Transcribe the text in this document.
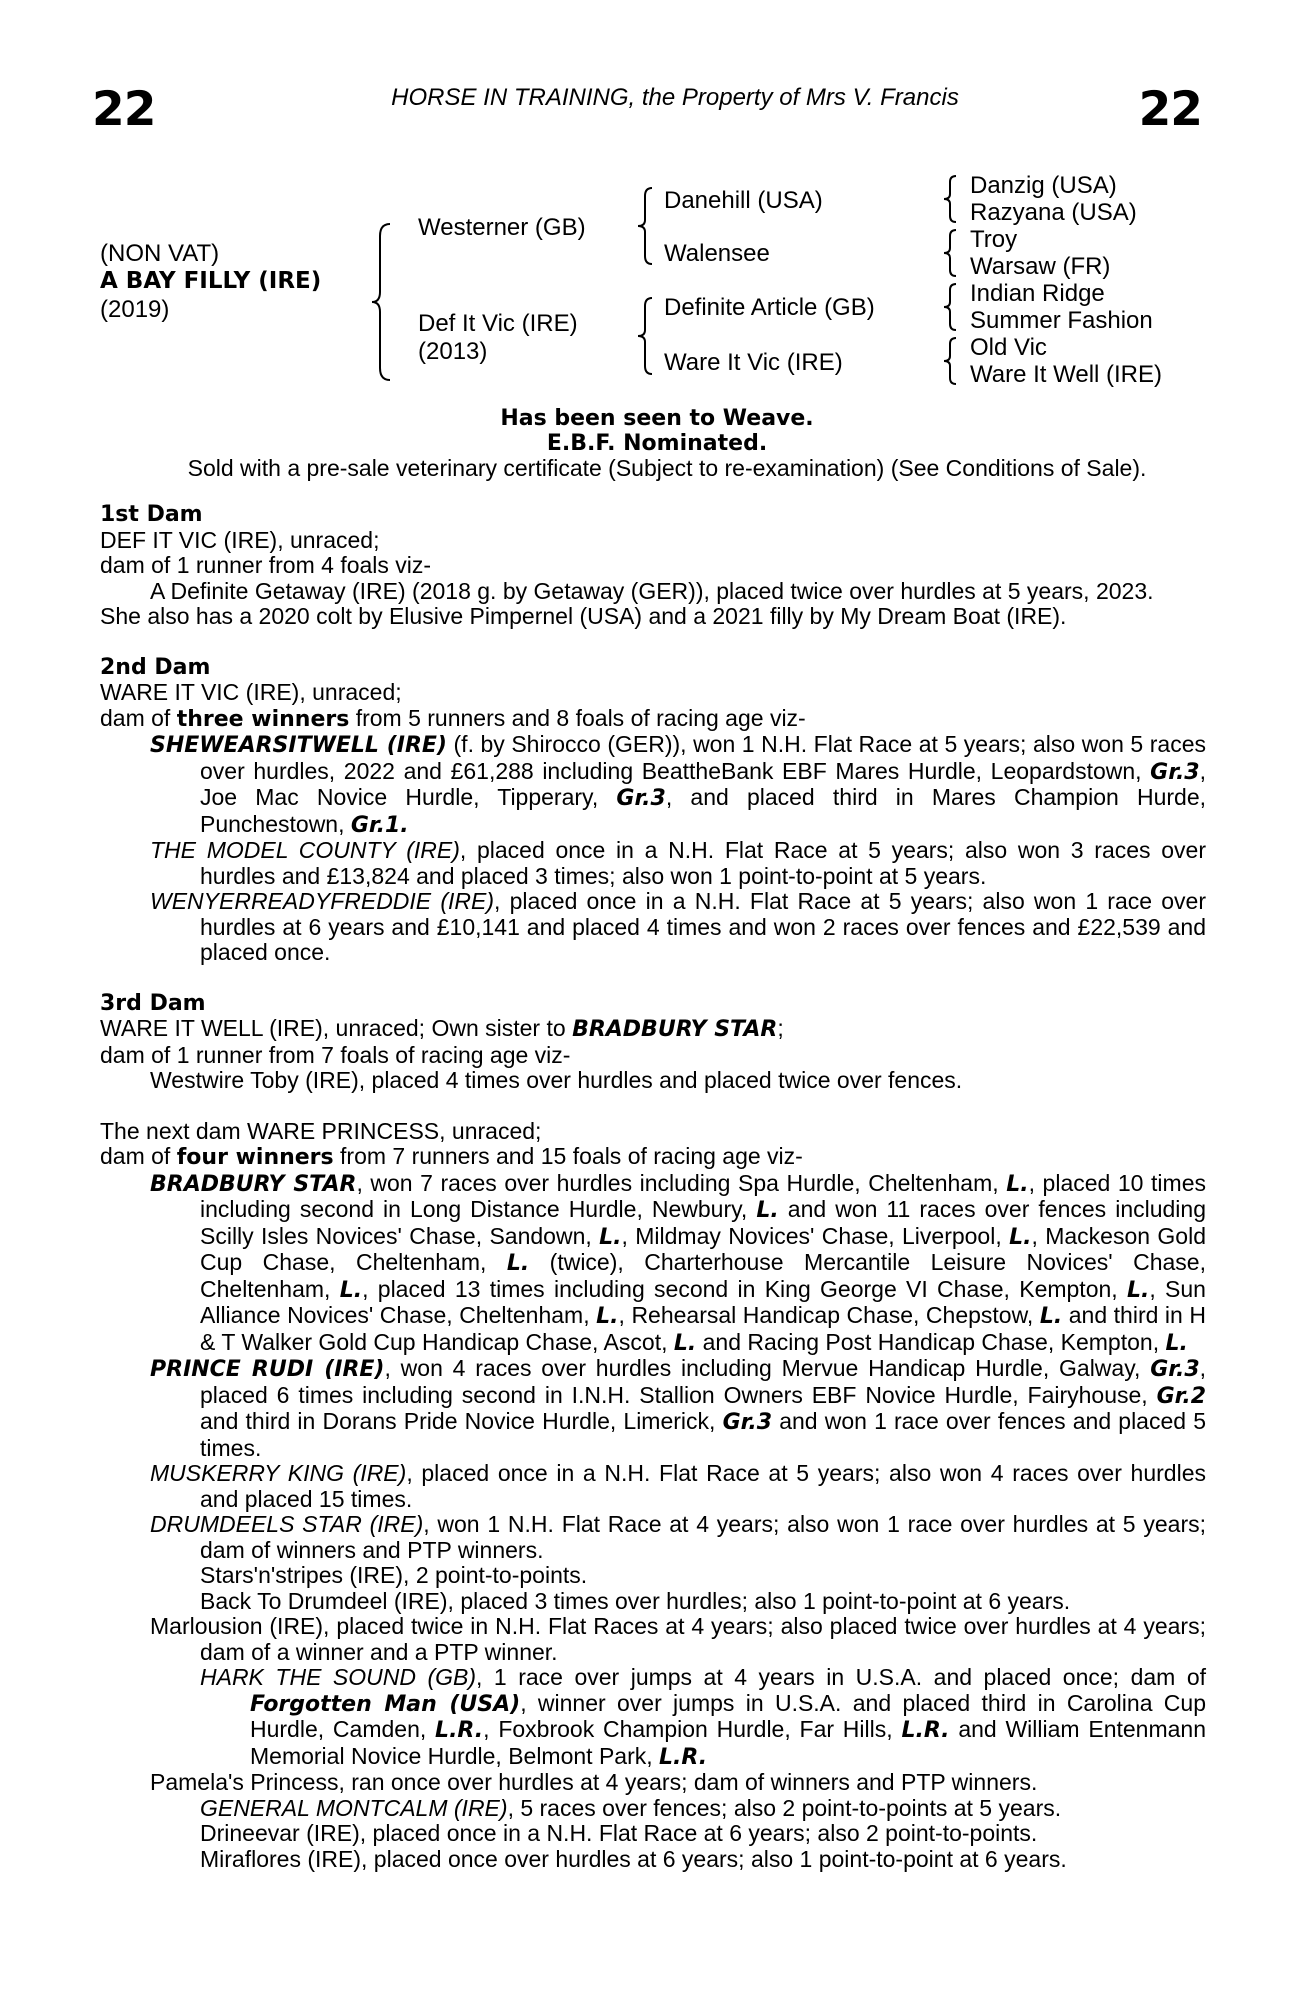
22	22
HORSE IN TRAINING, the Property of Mrs V. Francis
(NON VAT)
A BAY FILLY (IRE)
(2019)
Westerner (GB)
Def It Vic (IRE)
(2013)
Danehill (USA)
Walensee
Definite Article (GB)
Ware It Vic (IRE)
Danzig (USA)
Razyana (USA)
Troy
Warsaw (FR)
Indian Ridge
Summer Fashion
Old Vic
Ware It Well (IRE)
Has been seen to Weave.
E.B.F. Nominated.
Sold with a pre-sale veterinary certificate (Subject to re-examination) (See Conditions of Sale).
1st Dam
DEF IT VIC (IRE), unraced;
dam of 1 runner from 4 foals viz-
A Definite Getaway (IRE) (2018 g. by Getaway (GER)), placed twice over hurdles at 5 years, 2023.
She also has a 2020 colt by Elusive Pimpernel (USA) and a 2021 filly by My Dream Boat (IRE).
2nd Dam
WARE IT VIC (IRE), unraced;
dam of three winners from 5 runners and 8 foals of racing age viz-
SHEWEARSITWELL (IRE) (f. by Shirocco (GER)), won 1 N.H. Flat Race at 5 years; also won 5 races over hurdles, 2022 and £61,288 including BeattheBank EBF Mares Hurdle, Leopardstown, Gr.3, Joe Mac Novice Hurdle, Tipperary, Gr.3, and placed third in Mares Champion Hurde, Punchestown, Gr.1.
THE MODEL COUNTY (IRE), placed once in a N.H. Flat Race at 5 years; also won 3 races over hurdles and £13,824 and placed 3 times; also won 1 point-to-point at 5 years.
WENYERREADYFREDDIE (IRE), placed once in a N.H. Flat Race at 5 years; also won 1 race over hurdles at 6 years and £10,141 and placed 4 times and won 2 races over fences and £22,539 and placed once.
3rd Dam
WARE IT WELL (IRE), unraced; Own sister to BRADBURY STAR;
dam of 1 runner from 7 foals of racing age viz-
Westwire Toby (IRE), placed 4 times over hurdles and placed twice over fences.
The next dam WARE PRINCESS, unraced;
dam of four winners from 7 runners and 15 foals of racing age viz-
BRADBURY STAR, won 7 races over hurdles including Spa Hurdle, Cheltenham, L., placed 10 times including second in Long Distance Hurdle, Newbury, L. and won 11 races over fences including Scilly Isles Novices' Chase, Sandown, L., Mildmay Novices' Chase, Liverpool, L., Mackeson Gold Cup Chase, Cheltenham, L. (twice), Charterhouse Mercantile Leisure Novices' Chase, Cheltenham, L., placed 13 times including second in King George VI Chase, Kempton, L., Sun Alliance Novices' Chase, Cheltenham, L., Rehearsal Handicap Chase, Chepstow, L. and third in H & T Walker Gold Cup Handicap Chase, Ascot, L. and Racing Post Handicap Chase, Kempton, L.
PRINCE RUDI (IRE), won 4 races over hurdles including Mervue Handicap Hurdle, Galway, Gr.3, placed 6 times including second in I.N.H. Stallion Owners EBF Novice Hurdle, Fairyhouse, Gr.2 and third in Dorans Pride Novice Hurdle, Limerick, Gr.3 and won 1 race over fences and placed 5 times.
MUSKERRY KING (IRE), placed once in a N.H. Flat Race at 5 years; also won 4 races over hurdles and placed 15 times.
DRUMDEELS STAR (IRE), won 1 N.H. Flat Race at 4 years; also won 1 race over hurdles at 5 years; dam of winners and PTP winners.
Stars'n'stripes (IRE), 2 point-to-points.
Back To Drumdeel (IRE), placed 3 times over hurdles; also 1 point-to-point at 6 years.
Marlousion (IRE), placed twice in N.H. Flat Races at 4 years; also placed twice over hurdles at 4 years; dam of a winner and a PTP winner.
HARK THE SOUND (GB), 1 race over jumps at 4 years in U.S.A. and placed once; dam of Forgotten Man (USA), winner over jumps in U.S.A. and placed third in Carolina Cup Hurdle, Camden, L.R., Foxbrook Champion Hurdle, Far Hills, L.R. and William Entenmann Memorial Novice Hurdle, Belmont Park, L.R.
Pamela's Princess, ran once over hurdles at 4 years; dam of winners and PTP winners.
GENERAL MONTCALM (IRE), 5 races over fences; also 2 point-to-points at 5 years.
Drineevar (IRE), placed once in a N.H. Flat Race at 6 years; also 2 point-to-points.
Miraflores (IRE), placed once over hurdles at 6 years; also 1 point-to-point at 6 years.
